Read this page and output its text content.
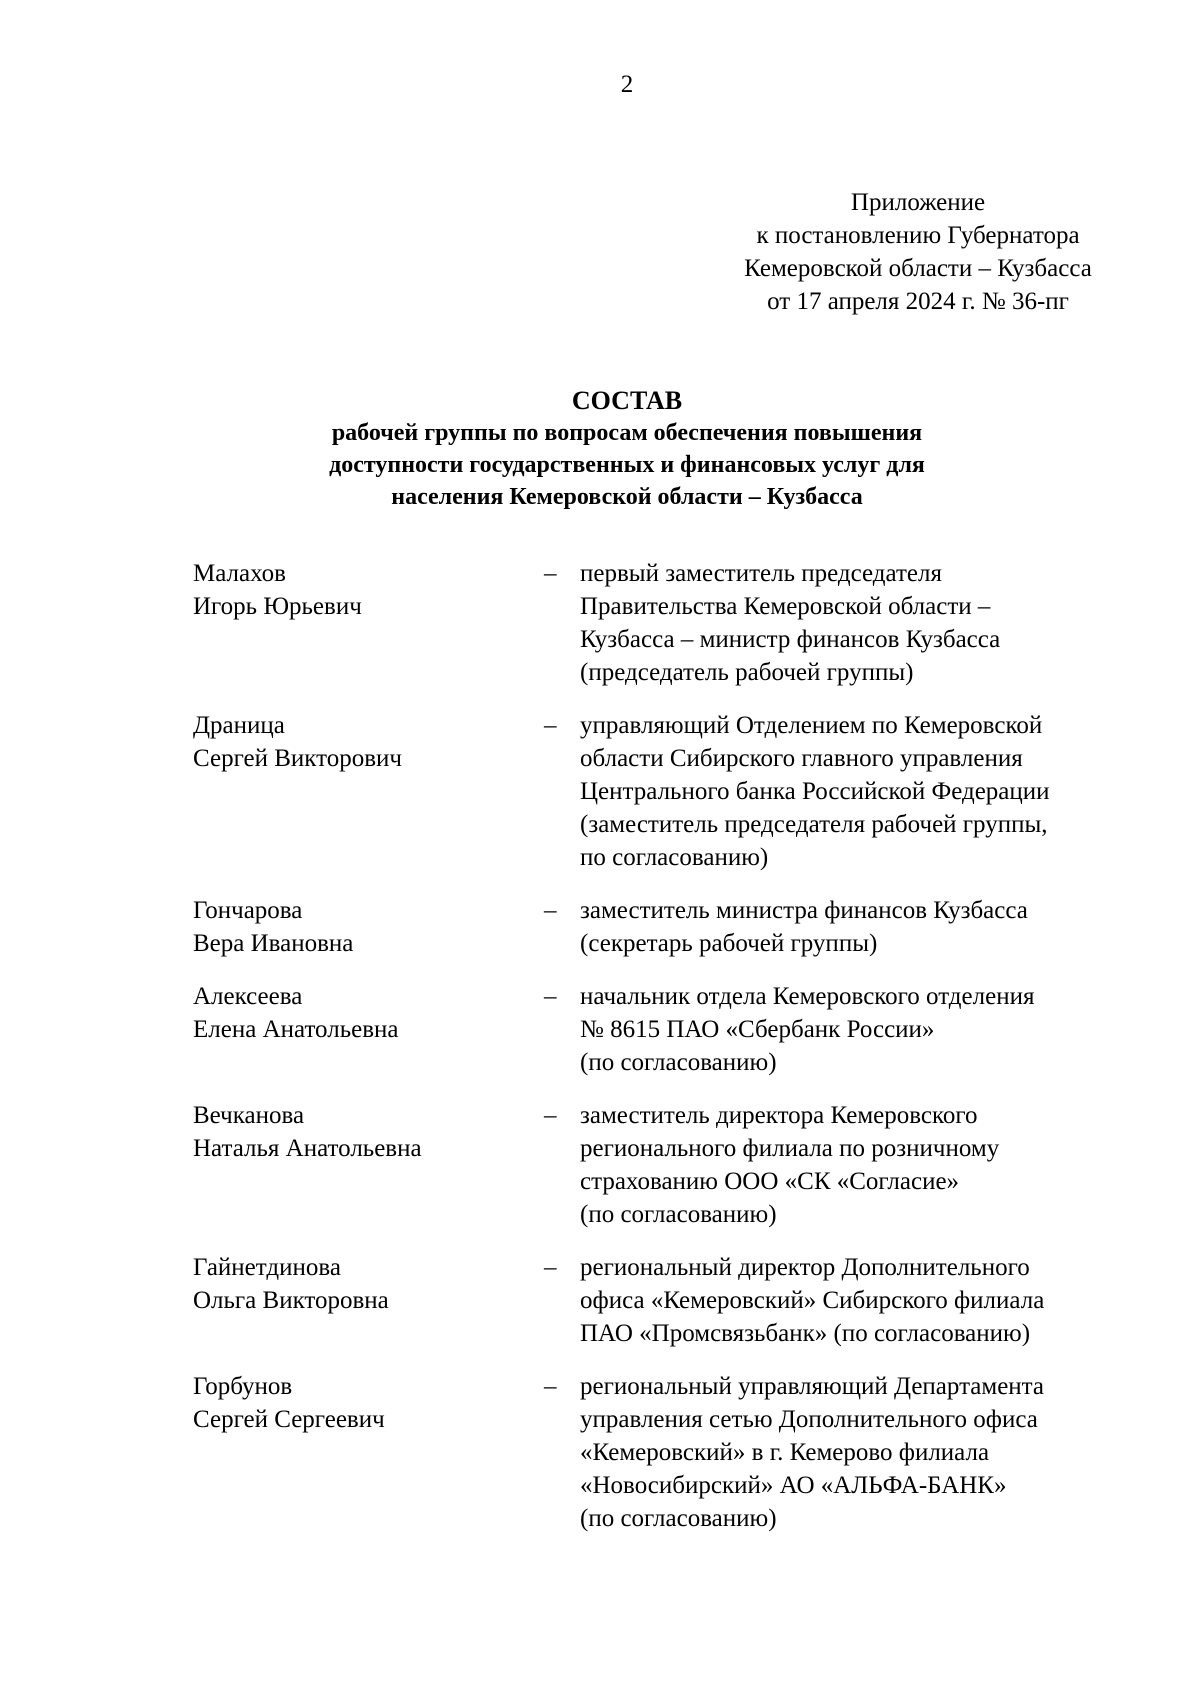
2
Приложение
к постановлению Губернатора
Кемеровской области – Кузбасса
от 17 апреля 2024 г. № 36-пг
СОСТАВ
рабочей группы по вопросам обеспечения повышения
доступности государственных и финансовых услуг для
населения Кемеровской области – Кузбасса
Малахов
Игорь Юрьевич
– первый заместитель председателя
Правительства Кемеровской области –
Кузбасса – министр финансов Кузбасса
(председатель рабочей группы)
Драница
Сергей Викторович
– управляющий Отделением по Кемеровской
области Сибирского главного управления
Центрального банка Российской Федерации
(заместитель председателя рабочей группы,
по согласованию)
Гончарова
Вера Ивановна
– заместитель министра финансов Кузбасса
(секретарь рабочей группы)
Алексеева
Елена Анатольевна
– начальник отдела Кемеровского отделения
№ 8615 ПАО «Сбербанк России»
(по согласованию)
Вечканова
Наталья Анатольевна
– заместитель директора Кемеровского
регионального филиала по розничному
страхованию ООО «СК «Согласие»
(по согласованию)
Гайнетдинова
Ольга Викторовна
– региональный директор Дополнительного
офиса «Кемеровский» Сибирского филиала
ПАО «Промсвязьбанк» (по согласованию)
Горбунов
Сергей Сергеевич
– региональный управляющий Департамента
управления сетью Дополнительного офиса
«Кемеровский» в г. Кемерово филиала
«Новосибирский» АО «АЛЬФА-БАНК»
(по согласованию)
